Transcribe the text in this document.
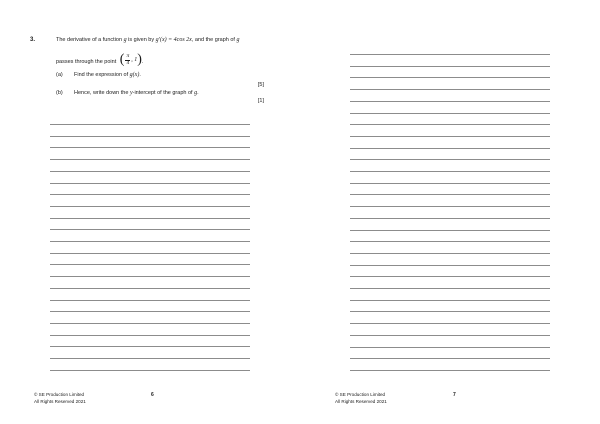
3.	The derivative of a function g is given by g′(x) = 4cos 2x, and the graph of g
passes through the point ( $\frac{\pi}{4}$ , 1 ) .
(a) Find the expression of g(x).
[5]
(b) Hence, write down the y-intercept of the graph of g.
[1]
© SE Production Limited
All Rights Reserved 2021
6	© SE Production Limited
All Rights Reserved 2021
7
